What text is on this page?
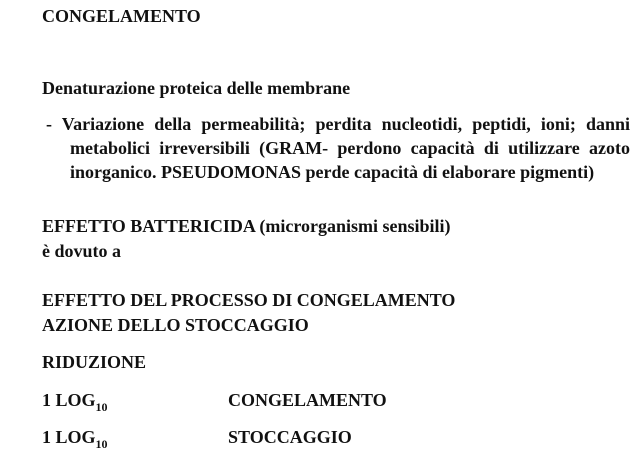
CONGELAMENTO
Denaturazione proteica delle membrane
- Variazione della permeabilità; perdita nucleotidi, peptidi, ioni; danni metabolici irreversibili (GRAM- perdono capacità di utilizzare azoto inorganico. PSEUDOMONAS perde capacità di elaborare pigmenti)
EFFETTO BATTERICIDA (microrganismi sensibili)
è dovuto a
EFFETTO DEL PROCESSO DI CONGELAMENTO
AZIONE DELLO STOCCAGGIO
RIDUZIONE
1 $LOG_{10}$	CONGELAMENTO
1 $LOG_{10}$	STOCCAGGIO
